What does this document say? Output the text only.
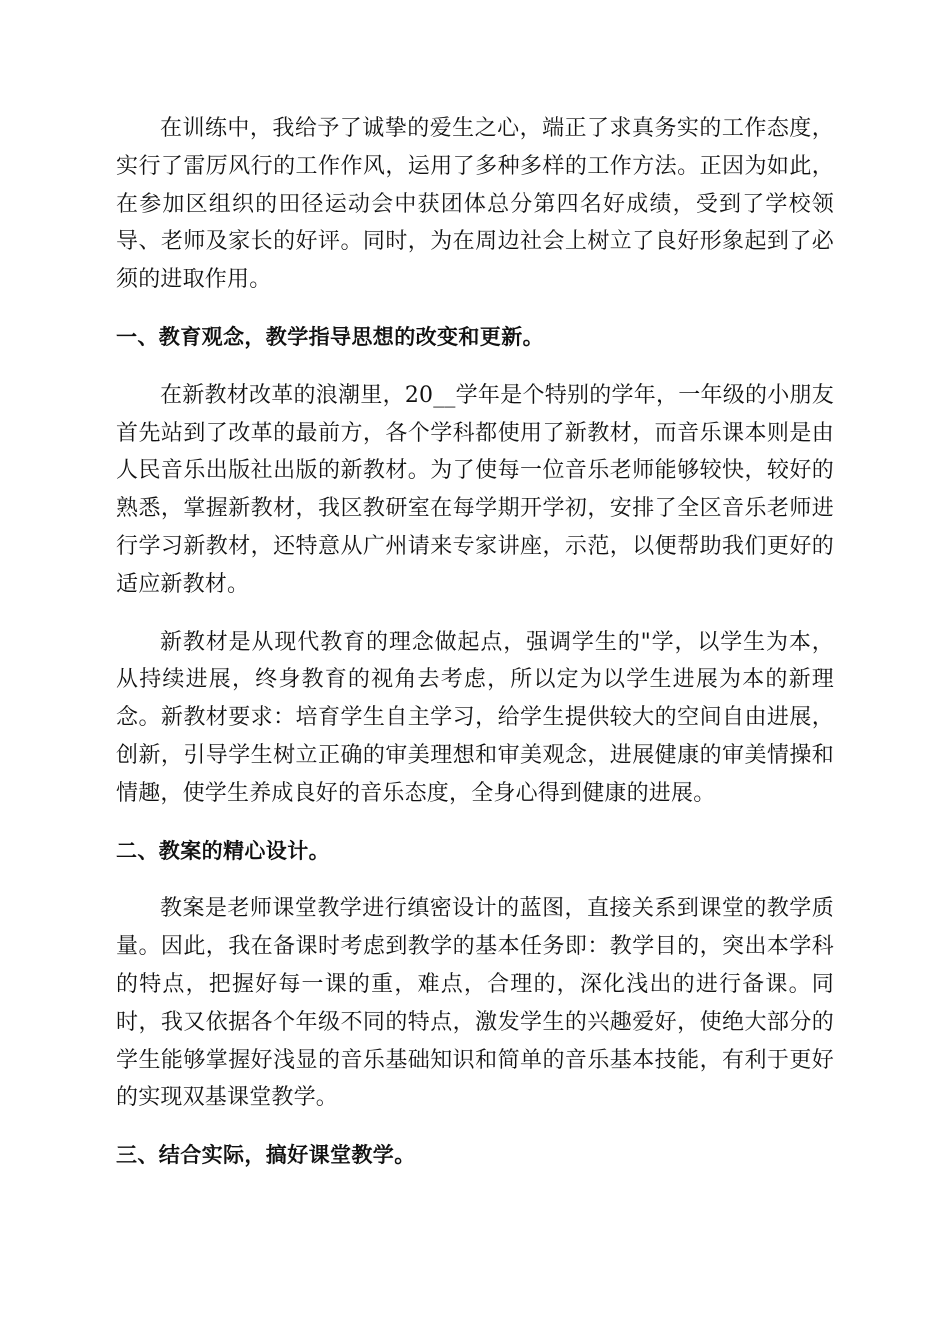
在训练中，我给予了诚挚的爱生之心，端正了求真务实的工作态度，实行了雷厉风行的工作作风，运用了多种多样的工作方法。正因为如此，在参加区组织的田径运动会中获团体总分第四名好成绩，受到了学校领导、老师及家长的好评。同时，为在周边社会上树立了良好形象起到了必须的进取作用。

一、教育观念，教学指导思想的改变和更新。

在新教材改革的浪潮里，20__学年是个特别的学年，一年级的小朋友首先站到了改革的最前方，各个学科都使用了新教材，而音乐课本则是由人民音乐出版社出版的新教材。为了使每一位音乐老师能够较快，较好的熟悉，掌握新教材，我区教研室在每学期开学初，安排了全区音乐老师进行学习新教材，还特意从广州请来专家讲座，示范，以便帮助我们更好的适应新教材。

新教材是从现代教育的理念做起点，强调学生的"学，以学生为本，从持续进展，终身教育的视角去考虑，所以定为以学生进展为本的新理念。新教材要求：培育学生自主学习，给学生提供较大的空间自由进展，创新，引导学生树立正确的审美理想和审美观念，进展健康的审美情操和情趣，使学生养成良好的音乐态度，全身心得到健康的进展。

二、教案的精心设计。

教案是老师课堂教学进行缜密设计的蓝图，直接关系到课堂的教学质量。因此，我在备课时考虑到教学的基本任务即：教学目的，突出本学科的特点，把握好每一课的重，难点，合理的，深化浅出的进行备课。同时，我又依据各个年级不同的特点，激发学生的兴趣爱好，使绝大部分的学生能够掌握好浅显的音乐基础知识和简单的音乐基本技能，有利于更好的实现双基课堂教学。

三、结合实际，搞好课堂教学。
